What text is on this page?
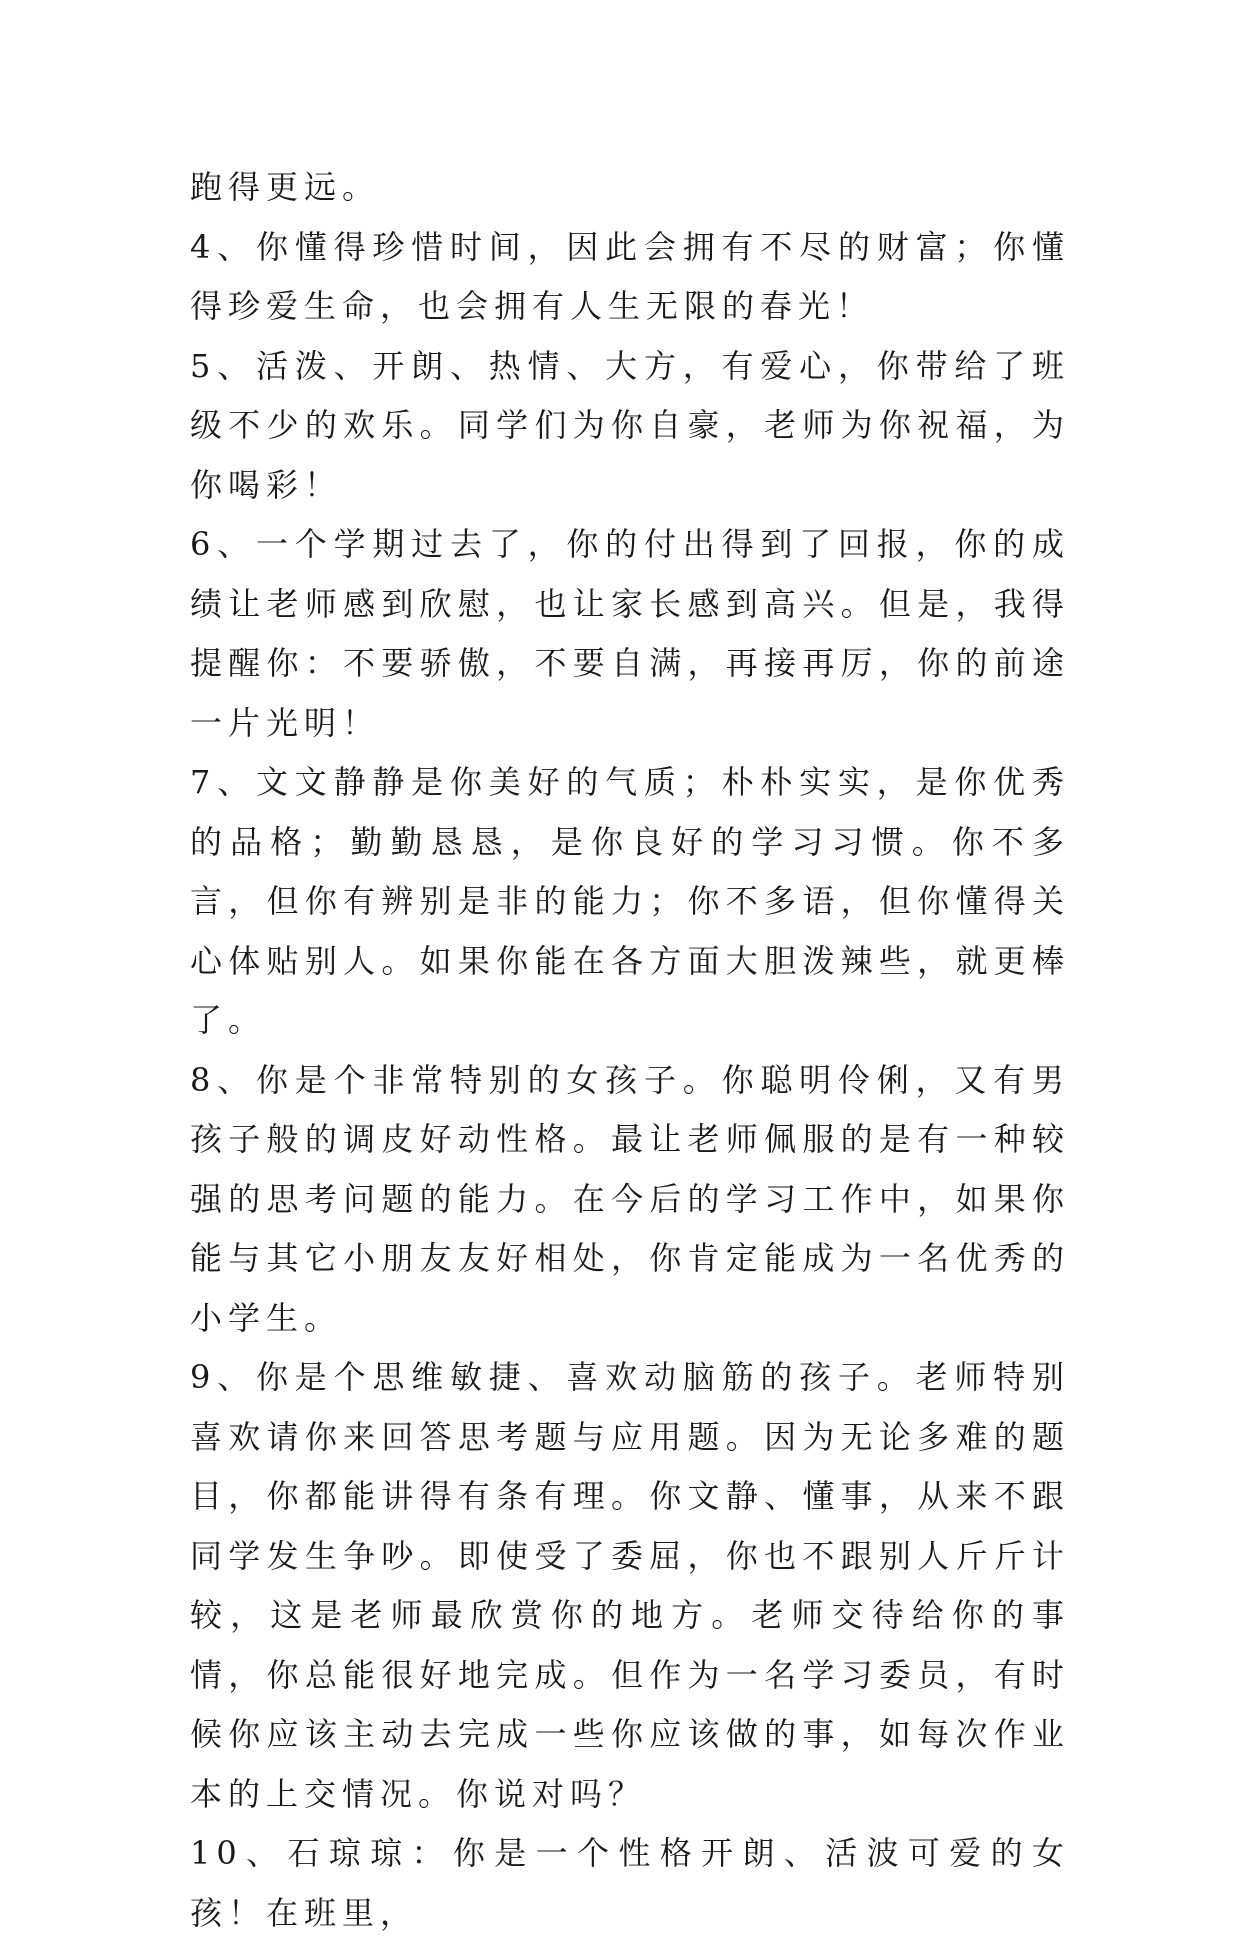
跑得更远。

4、你懂得珍惜时间，因此会拥有不尽的财富；你懂得珍爱生命，也会拥有人生无限的春光！

5、活泼、开朗、热情、大方，有爱心，你带给了班级不少的欢乐。同学们为你自豪，老师为你祝福，为你喝彩！

6、一个学期过去了，你的付出得到了回报，你的成绩让老师感到欣慰，也让家长感到高兴。但是，我得提醒你：不要骄傲，不要自满，再接再厉，你的前途一片光明！

7、文文静静是你美好的气质；朴朴实实，是你优秀的品格；勤勤恳恳，是你良好的学习习惯。你不多言，但你有辨别是非的能力；你不多语，但你懂得关心体贴别人。如果你能在各方面大胆泼辣些，就更棒了。

8、你是个非常特别的女孩子。你聪明伶俐，又有男孩子般的调皮好动性格。最让老师佩服的是有一种较强的思考问题的能力。在今后的学习工作中，如果你能与其它小朋友友好相处，你肯定能成为一名优秀的小学生。

9、你是个思维敏捷、喜欢动脑筋的孩子。老师特别喜欢请你来回答思考题与应用题。因为无论多难的题目，你都能讲得有条有理。你文静、懂事，从来不跟同学发生争吵。即使受了委屈，你也不跟别人斤斤计较，这是老师最欣赏你的地方。老师交待给你的事情，你总能很好地完成。但作为一名学习委员，有时候你应该主动去完成一些你应该做的事，如每次作业本的上交情况。你说对吗？

10、石琼琼：你是一个性格开朗、活波可爱的女孩！在班里，
